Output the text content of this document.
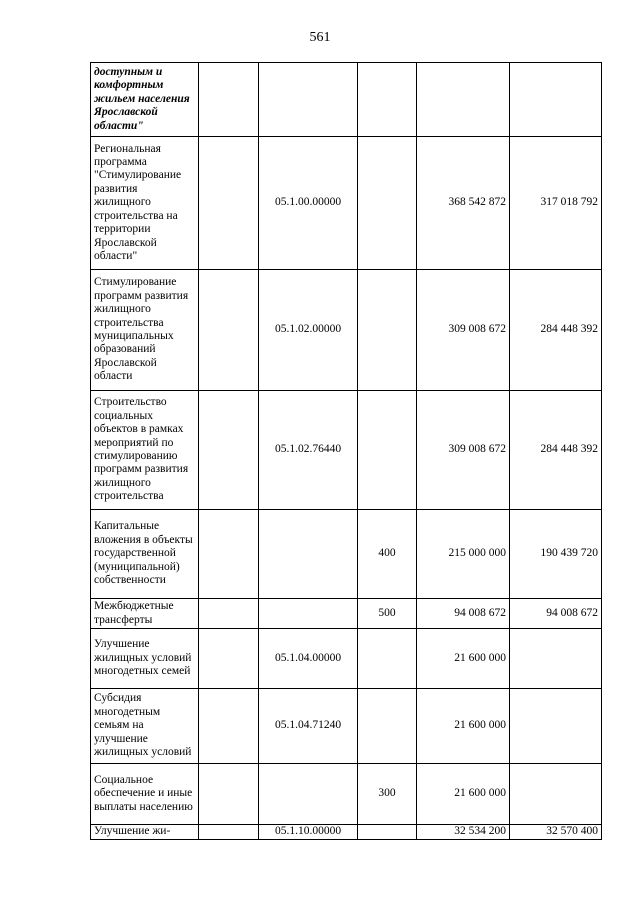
561
доступным и комфортным жильем населения Ярославской области"					
Региональная программа "Стимулирование развития жилищного строительства на территории Ярославской области"		05.1.00.00000		368 542 872	317 018 792
Стимулирование программ развития жилищного строительства муниципальных образований Ярославской области		05.1.02.00000		309 008 672	284 448 392
Строительство социальных объектов в рамках мероприятий по стимулированию программ развития жилищного строительства		05.1.02.76440		309 008 672	284 448 392
Капитальные вложения в объекты государственной (муниципальной) собственности			400	215 000 000	190 439 720
Межбюджетные трансферты			500	94 008 672	94 008 672
Улучшение жилищных условий многодетных семей		05.1.04.00000		21 600 000	
Субсидия многодетным семьям на улучшение жилищных условий		05.1.04.71240		21 600 000	
Социальное обеспечение и иные выплаты населению			300	21 600 000	
Улучшение жи-		05.1.10.00000		32 534 200	32 570 400
